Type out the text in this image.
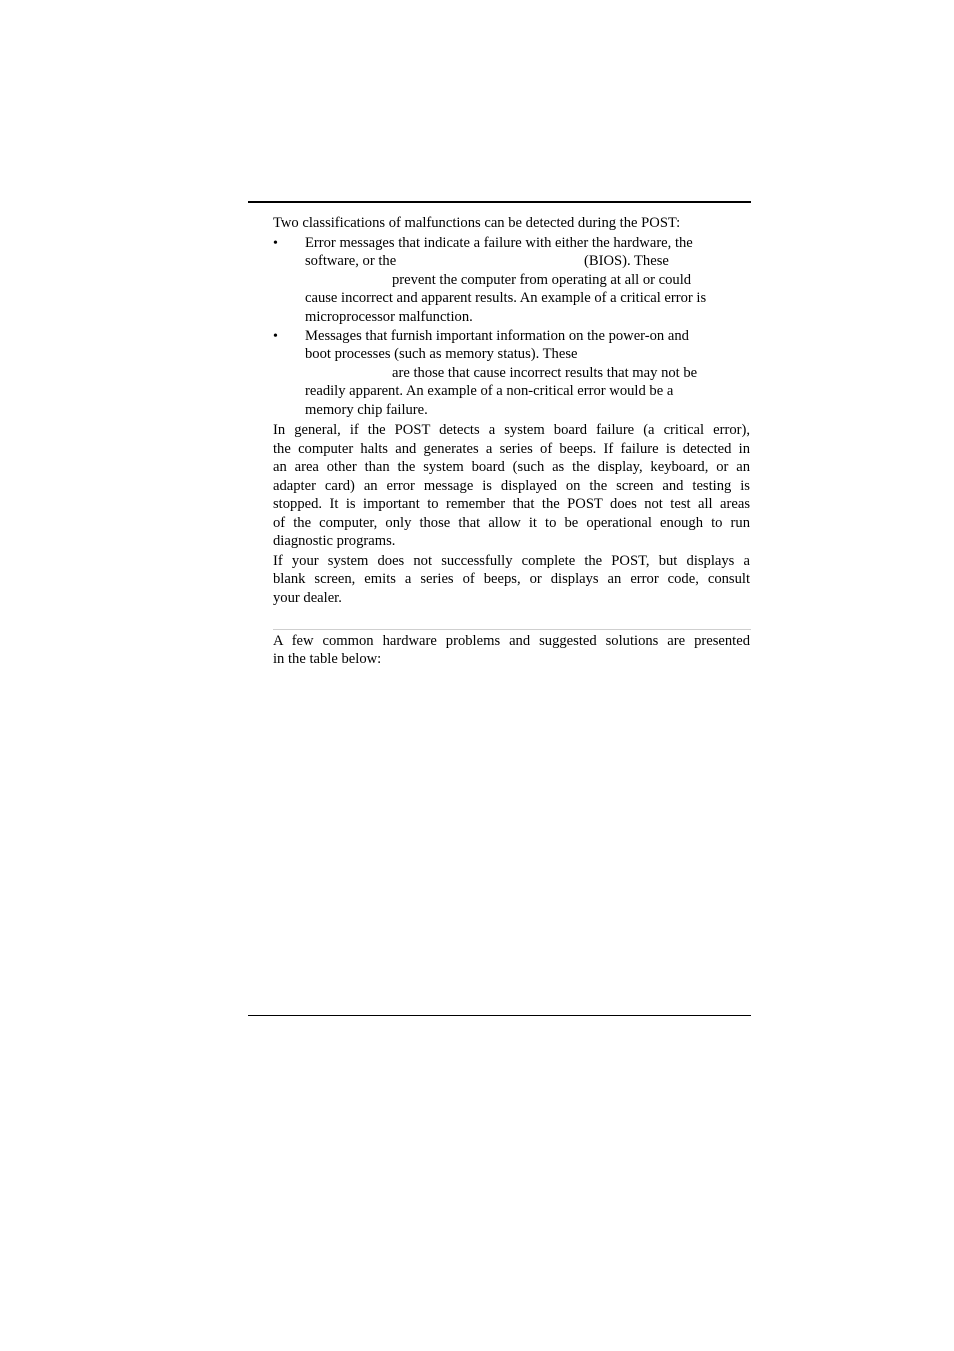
Two classifications of malfunctions can be detected during the POST:
• Error messages that indicate a failure with either the hardware, the
software, or the	(BIOS). These
prevent the computer from operating at all or could
cause incorrect and apparent results. An example of a critical error is
microprocessor malfunction.
• Messages that furnish important information on the power-on and
boot processes (such as memory status). These
are those that cause incorrect results that may not be
readily apparent. An example of a non-critical error would be a
memory chip failure.
In general, if the POST detects a system board failure (a critical error),
the computer halts and generates a series of beeps. If failure is detected in
an area other than the system board (such as the display, keyboard, or an
adapter card) an error message is displayed on the screen and testing is
stopped. It is important to remember that the POST does not test all areas
of the computer, only those that allow it to be operational enough to run
diagnostic programs.
If your system does not successfully complete the POST, but displays a
blank screen, emits a series of beeps, or displays an error code, consult
your dealer.
A few common hardware problems and suggested solutions are presented
in the table below:
